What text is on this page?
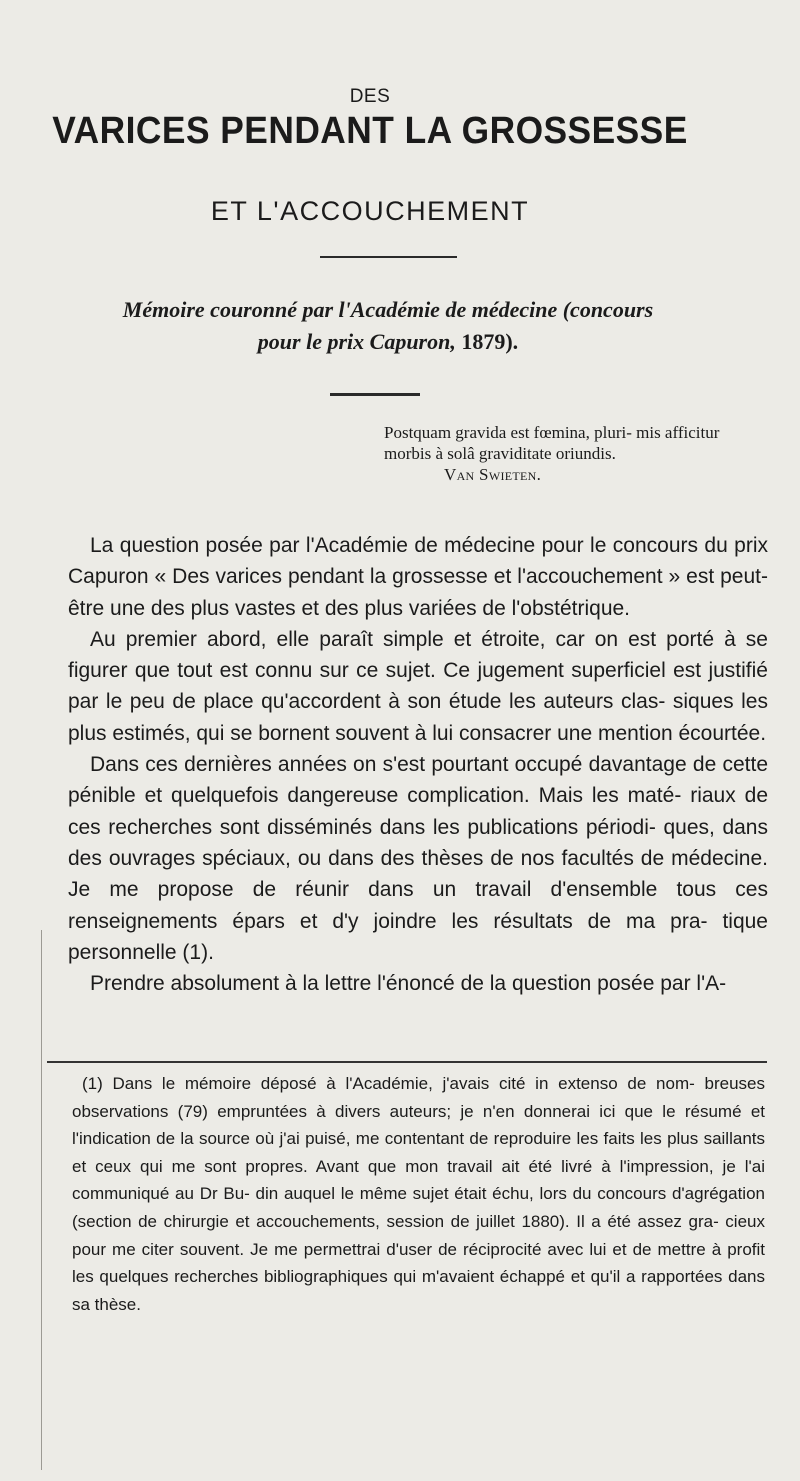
DES
VARICES PENDANT LA GROSSESSE
ET L'ACCOUCHEMENT
Mémoire couronné par l'Académie de médecine (concours pour le prix Capuron, 1879).
Postquam gravida est fœmina, pluri- mis afficitur morbis à solâ graviditate oriundis.
Van Swieten.

La question posée par l'Académie de médecine pour le concours du prix Capuron « Des varices pendant la grossesse et l'accouchement » est peut-être une des plus vastes et des plus variées de l'obstétrique.

Au premier abord, elle paraît simple et étroite, car on est porté à se figurer que tout est connu sur ce sujet. Ce jugement superficiel est justifié par le peu de place qu'accordent à son étude les auteurs clas- siques les plus estimés, qui se bornent souvent à lui consacrer une mention écourtée.

Dans ces dernières années on s'est pourtant occupé davantage de cette pénible et quelquefois dangereuse complication. Mais les maté- riaux de ces recherches sont disséminés dans les publications périodi- ques, dans des ouvrages spéciaux, ou dans des thèses de nos facultés de médecine. Je me propose de réunir dans un travail d'ensemble tous ces renseignements épars et d'y joindre les résultats de ma pra- tique personnelle (1).

Prendre absolument à la lettre l'énoncé de la question posée par l'A-

(1) Dans le mémoire déposé à l'Académie, j'avais cité in extenso de nom- breuses observations (79) empruntées à divers auteurs; je n'en donnerai ici que le résumé et l'indication de la source où j'ai puisé, me contentant de reproduire les faits les plus saillants et ceux qui me sont propres. Avant que mon travail ait été livré à l'impression, je l'ai communiqué au Dr Bu- din auquel le même sujet était échu, lors du concours d'agrégation (section de chirurgie et accouchements, session de juillet 1880). Il a été assez gra- cieux pour me citer souvent. Je me permettrai d'user de réciprocité avec lui et de mettre à profit les quelques recherches bibliographiques qui m'avaient échappé et qu'il a rapportées dans sa thèse.
